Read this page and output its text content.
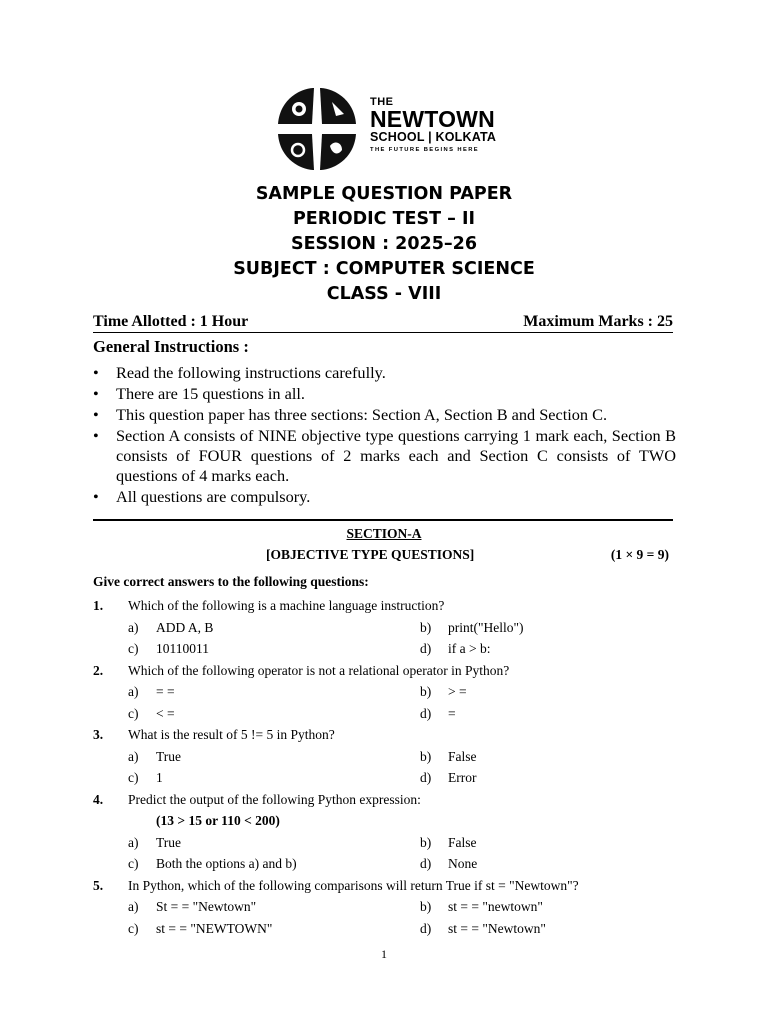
THE
NEWTOWN
SCHOOL | KOLKATA
THE FUTURE BEGINS HERE
SAMPLE QUESTION PAPER
PERIODIC TEST – II
SESSION : 2025–26
SUBJECT : COMPUTER SCIENCE
CLASS - VIII
Time Allotted : 1 Hour	Maximum Marks : 25
General Instructions :
• Read the following instructions carefully.
• There are 15 questions in all.
• This question paper has three sections: Section A, Section B and Section C.
• Section A consists of NINE objective type questions carrying 1 mark each, Section B consists of FOUR questions of 2 marks each and Section C consists of TWO questions of 4 marks each.
• All questions are compulsory.
SECTION-A
[OBJECTIVE TYPE QUESTIONS]	(1 × 9 = 9)
Give correct answers to the following questions:
1. Which of the following is a machine language instruction?
a) ADD A, B	b) print("Hello")
c) 10110011	d) if a > b:
2. Which of the following operator is not a relational operator in Python?
a) = =	b) > =
c) < =	d) =
3. What is the result of 5 != 5 in Python?
a) True	b) False
c) 1	d) Error
4. Predict the output of the following Python expression:
(13 > 15 or 110 < 200)
a) True	b) False
c) Both the options a) and b)	d) None
5. In Python, which of the following comparisons will return True if st = "Newtown"?
a) St = = "Newtown"	b) st = = "newtown"
c) st = = "NEWTOWN"	d) st = = "Newtown"
1
